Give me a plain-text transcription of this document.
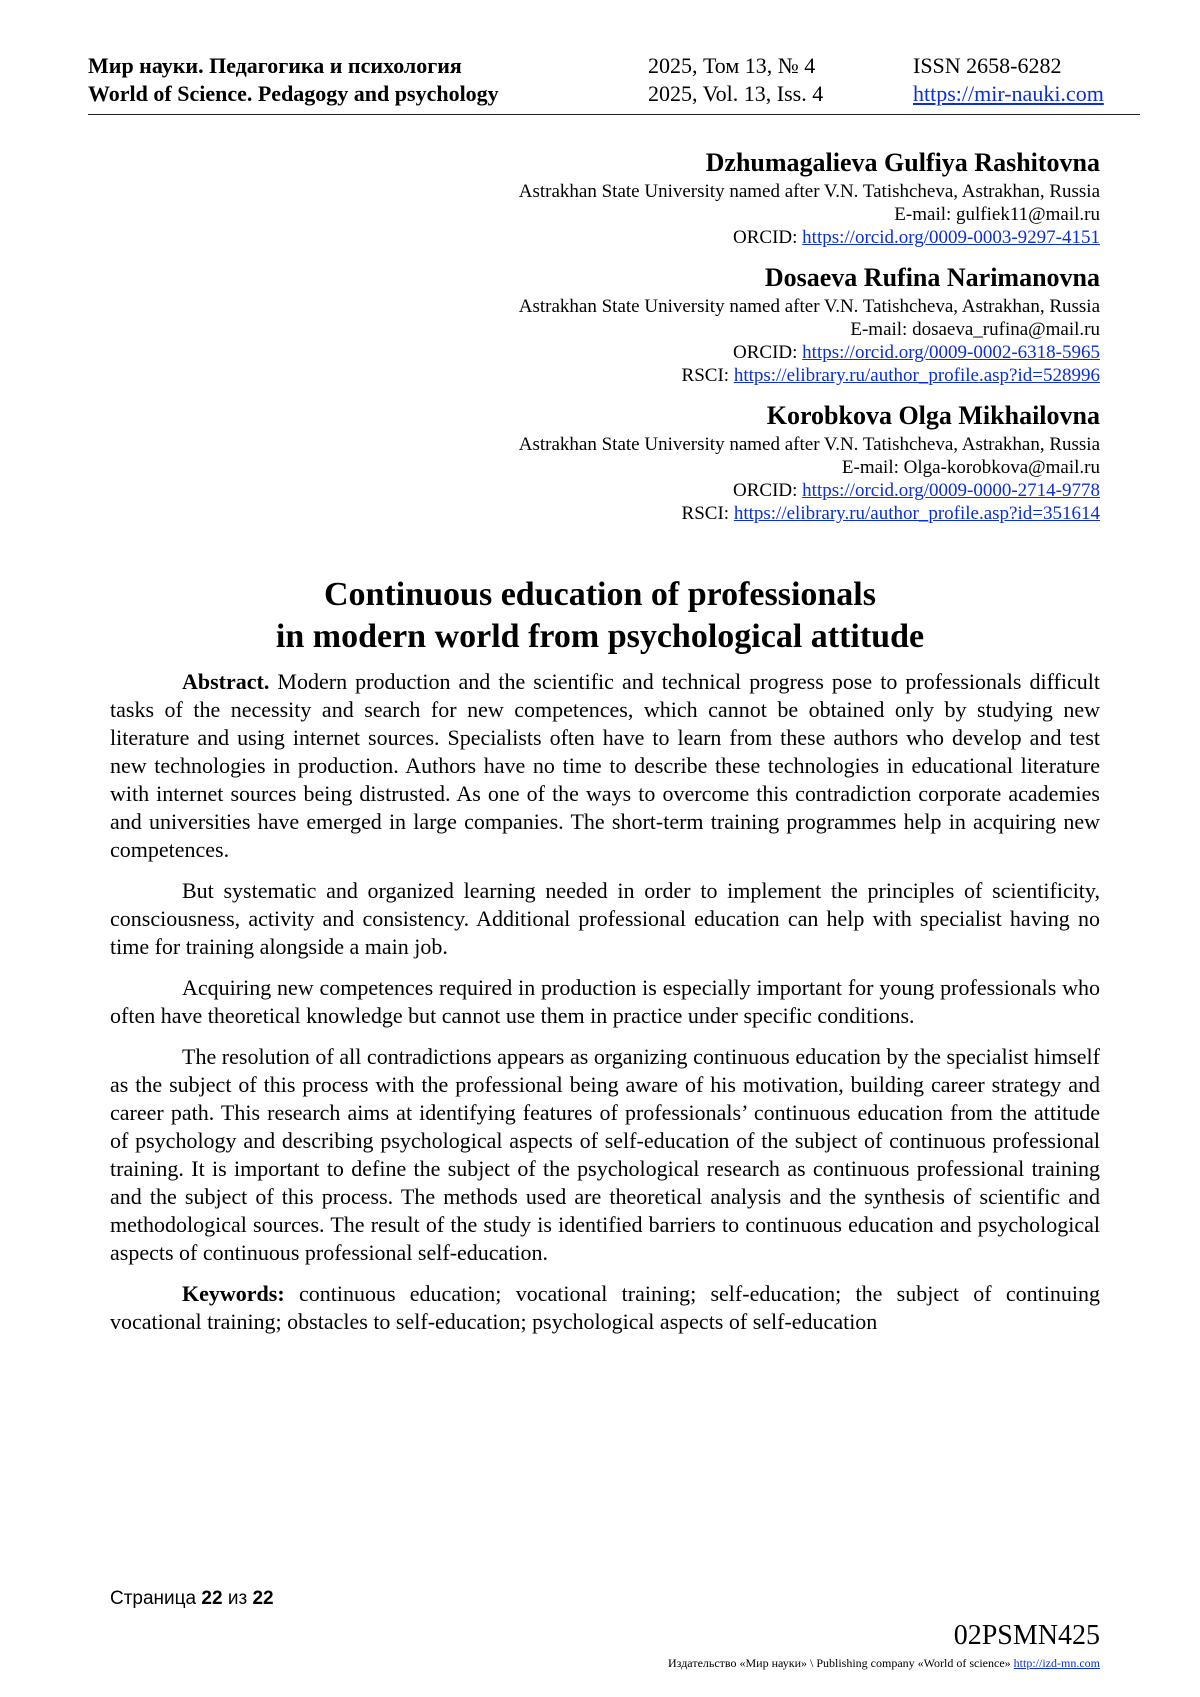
Мир науки. Педагогика и психология	2025, Том 13, № 4	ISSN 2658-6282
World of Science. Pedagogy and psychology	2025, Vol. 13, Iss. 4	https://mir-nauki.com
Dzhumagalieva Gulfiya Rashitovna
Astrakhan State University named after V.N. Tatishcheva, Astrakhan, Russia
E-mail: gulfiek11@mail.ru
ORCID: https://orcid.org/0009-0003-9297-4151
Dosaeva Rufina Narimanovna
Astrakhan State University named after V.N. Tatishcheva, Astrakhan, Russia
E-mail: dosaeva_rufina@mail.ru
ORCID: https://orcid.org/0009-0002-6318-5965
RSCI: https://elibrary.ru/author_profile.asp?id=528996
Korobkova Olga Mikhailovna
Astrakhan State University named after V.N. Tatishcheva, Astrakhan, Russia
E-mail: Olga-korobkova@mail.ru
ORCID: https://orcid.org/0009-0000-2714-9778
RSCI: https://elibrary.ru/author_profile.asp?id=351614
Continuous education of professionals
in modern world from psychological attitude

Abstract. Modern production and the scientific and technical progress pose to professionals difficult tasks of the necessity and search for new competences, which cannot be obtained only by studying new literature and using internet sources. Specialists often have to learn from these authors who develop and test new technologies in production. Authors have no time to describe these technologies in educational literature with internet sources being distrusted. As one of the ways to overcome this contradiction corporate academies and universities have emerged in large companies. The short-term training programmes help in acquiring new competences.

But systematic and organized learning needed in order to implement the principles of scientificity, consciousness, activity and consistency. Additional professional education can help with specialist having no time for training alongside a main job.

Acquiring new competences required in production is especially important for young professionals who often have theoretical knowledge but cannot use them in practice under specific conditions.

The resolution of all contradictions appears as organizing continuous education by the specialist himself as the subject of this process with the professional being aware of his motivation, building career strategy and career path. This research aims at identifying features of professionals’ continuous education from the attitude of psychology and describing psychological aspects of self-education of the subject of continuous professional training. It is important to define the subject of the psychological research as continuous professional training and the subject of this process. The methods used are theoretical analysis and the synthesis of scientific and methodological sources. The result of the study is identified barriers to continuous education and psychological aspects of continuous professional self-education.

Keywords: continuous education; vocational training; self-education; the subject of continuing vocational training; obstacles to self-education; psychological aspects of self-education

Страница 22 из 22
02PSMN425
Издательство «Мир науки» \ Publishing company «World of science» http://izd-mn.com
